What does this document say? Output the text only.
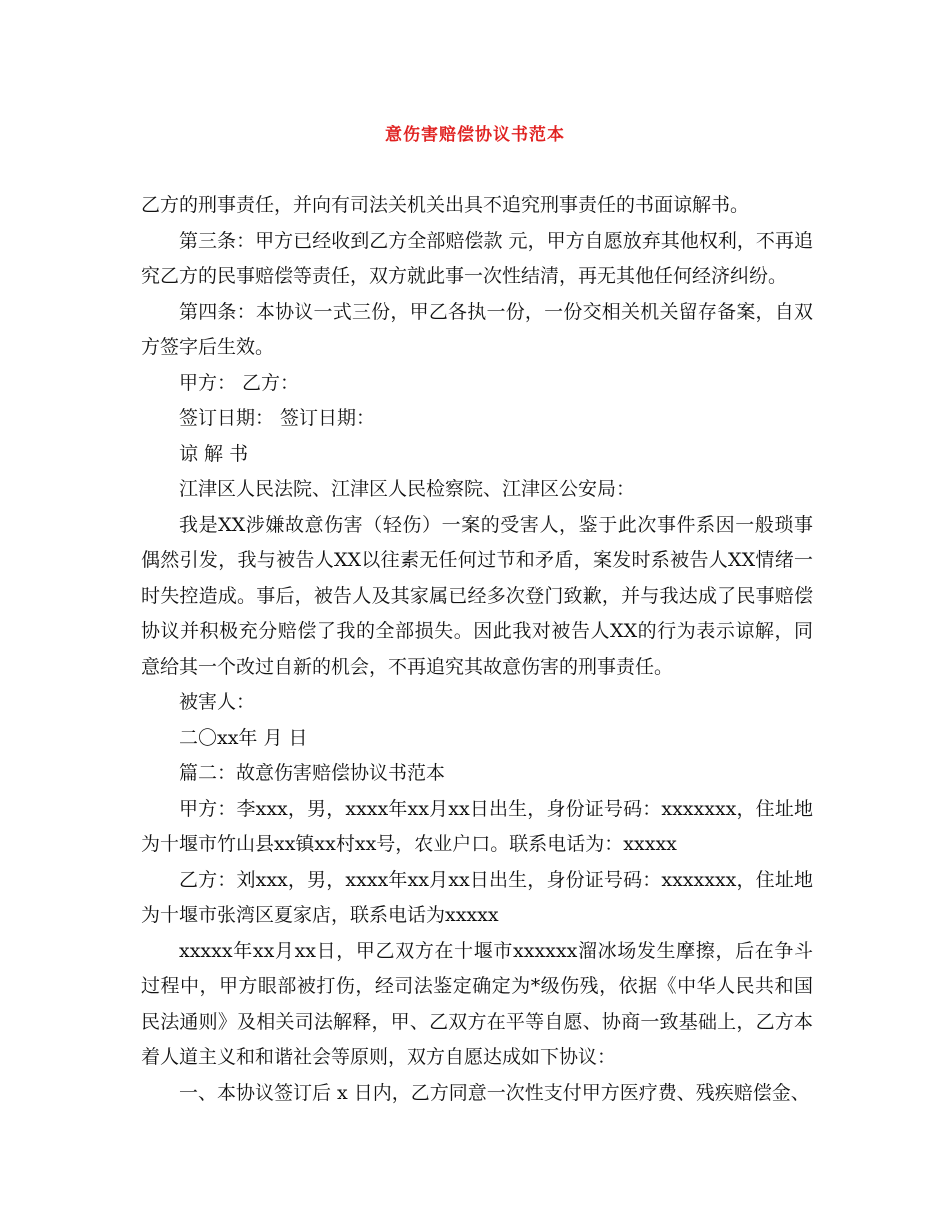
意伤害赔偿协议书范本

乙方的刑事责任，并向有司法关机关出具不追究刑事责任的书面谅解书。

第三条：甲方已经收到乙方全部赔偿款 元，甲方自愿放弃其他权利，不再追究乙方的民事赔偿等责任，双方就此事一次性结清，再无其他任何经济纠纷。

第四条：本协议一式三份，甲乙各执一份，一份交相关机关留存备案，自双方签字后生效。

甲方： 乙方：

签订日期： 签订日期：

谅 解 书

江津区人民法院、江津区人民检察院、江津区公安局：

我是XX涉嫌故意伤害（轻伤）一案的受害人，鉴于此次事件系因一般琐事偶然引发，我与被告人XX以往素无任何过节和矛盾，案发时系被告人XX情绪一时失控造成。事后，被告人及其家属已经多次登门致歉，并与我达成了民事赔偿协议并积极充分赔偿了我的全部损失。因此我对被告人XX的行为表示谅解，同意给其一个改过自新的机会，不再追究其故意伤害的刑事责任。

被害人：

二〇xx年 月 日

篇二：故意伤害赔偿协议书范本

甲方：李xxx，男，xxxx年xx月xx日出生，身份证号码：xxxxxxx，住址地为十堰市竹山县xx镇xx村xx号，农业户口。联系电话为：xxxxx

乙方：刘xxx，男，xxxx年xx月xx日出生，身份证号码：xxxxxxx，住址地为十堰市张湾区夏家店，联系电话为xxxxx

xxxxx年xx月xx日，甲乙双方在十堰市xxxxxx溜冰场发生摩擦，后在争斗过程中，甲方眼部被打伤，经司法鉴定确定为*级伤残，依据《中华人民共和国民法通则》及相关司法解释，甲、乙双方在平等自愿、协商一致基础上，乙方本着人道主义和和谐社会等原则，双方自愿达成如下协议：

一、本协议签订后 x 日内，乙方同意一次性支付甲方医疗费、残疾赔偿金、
